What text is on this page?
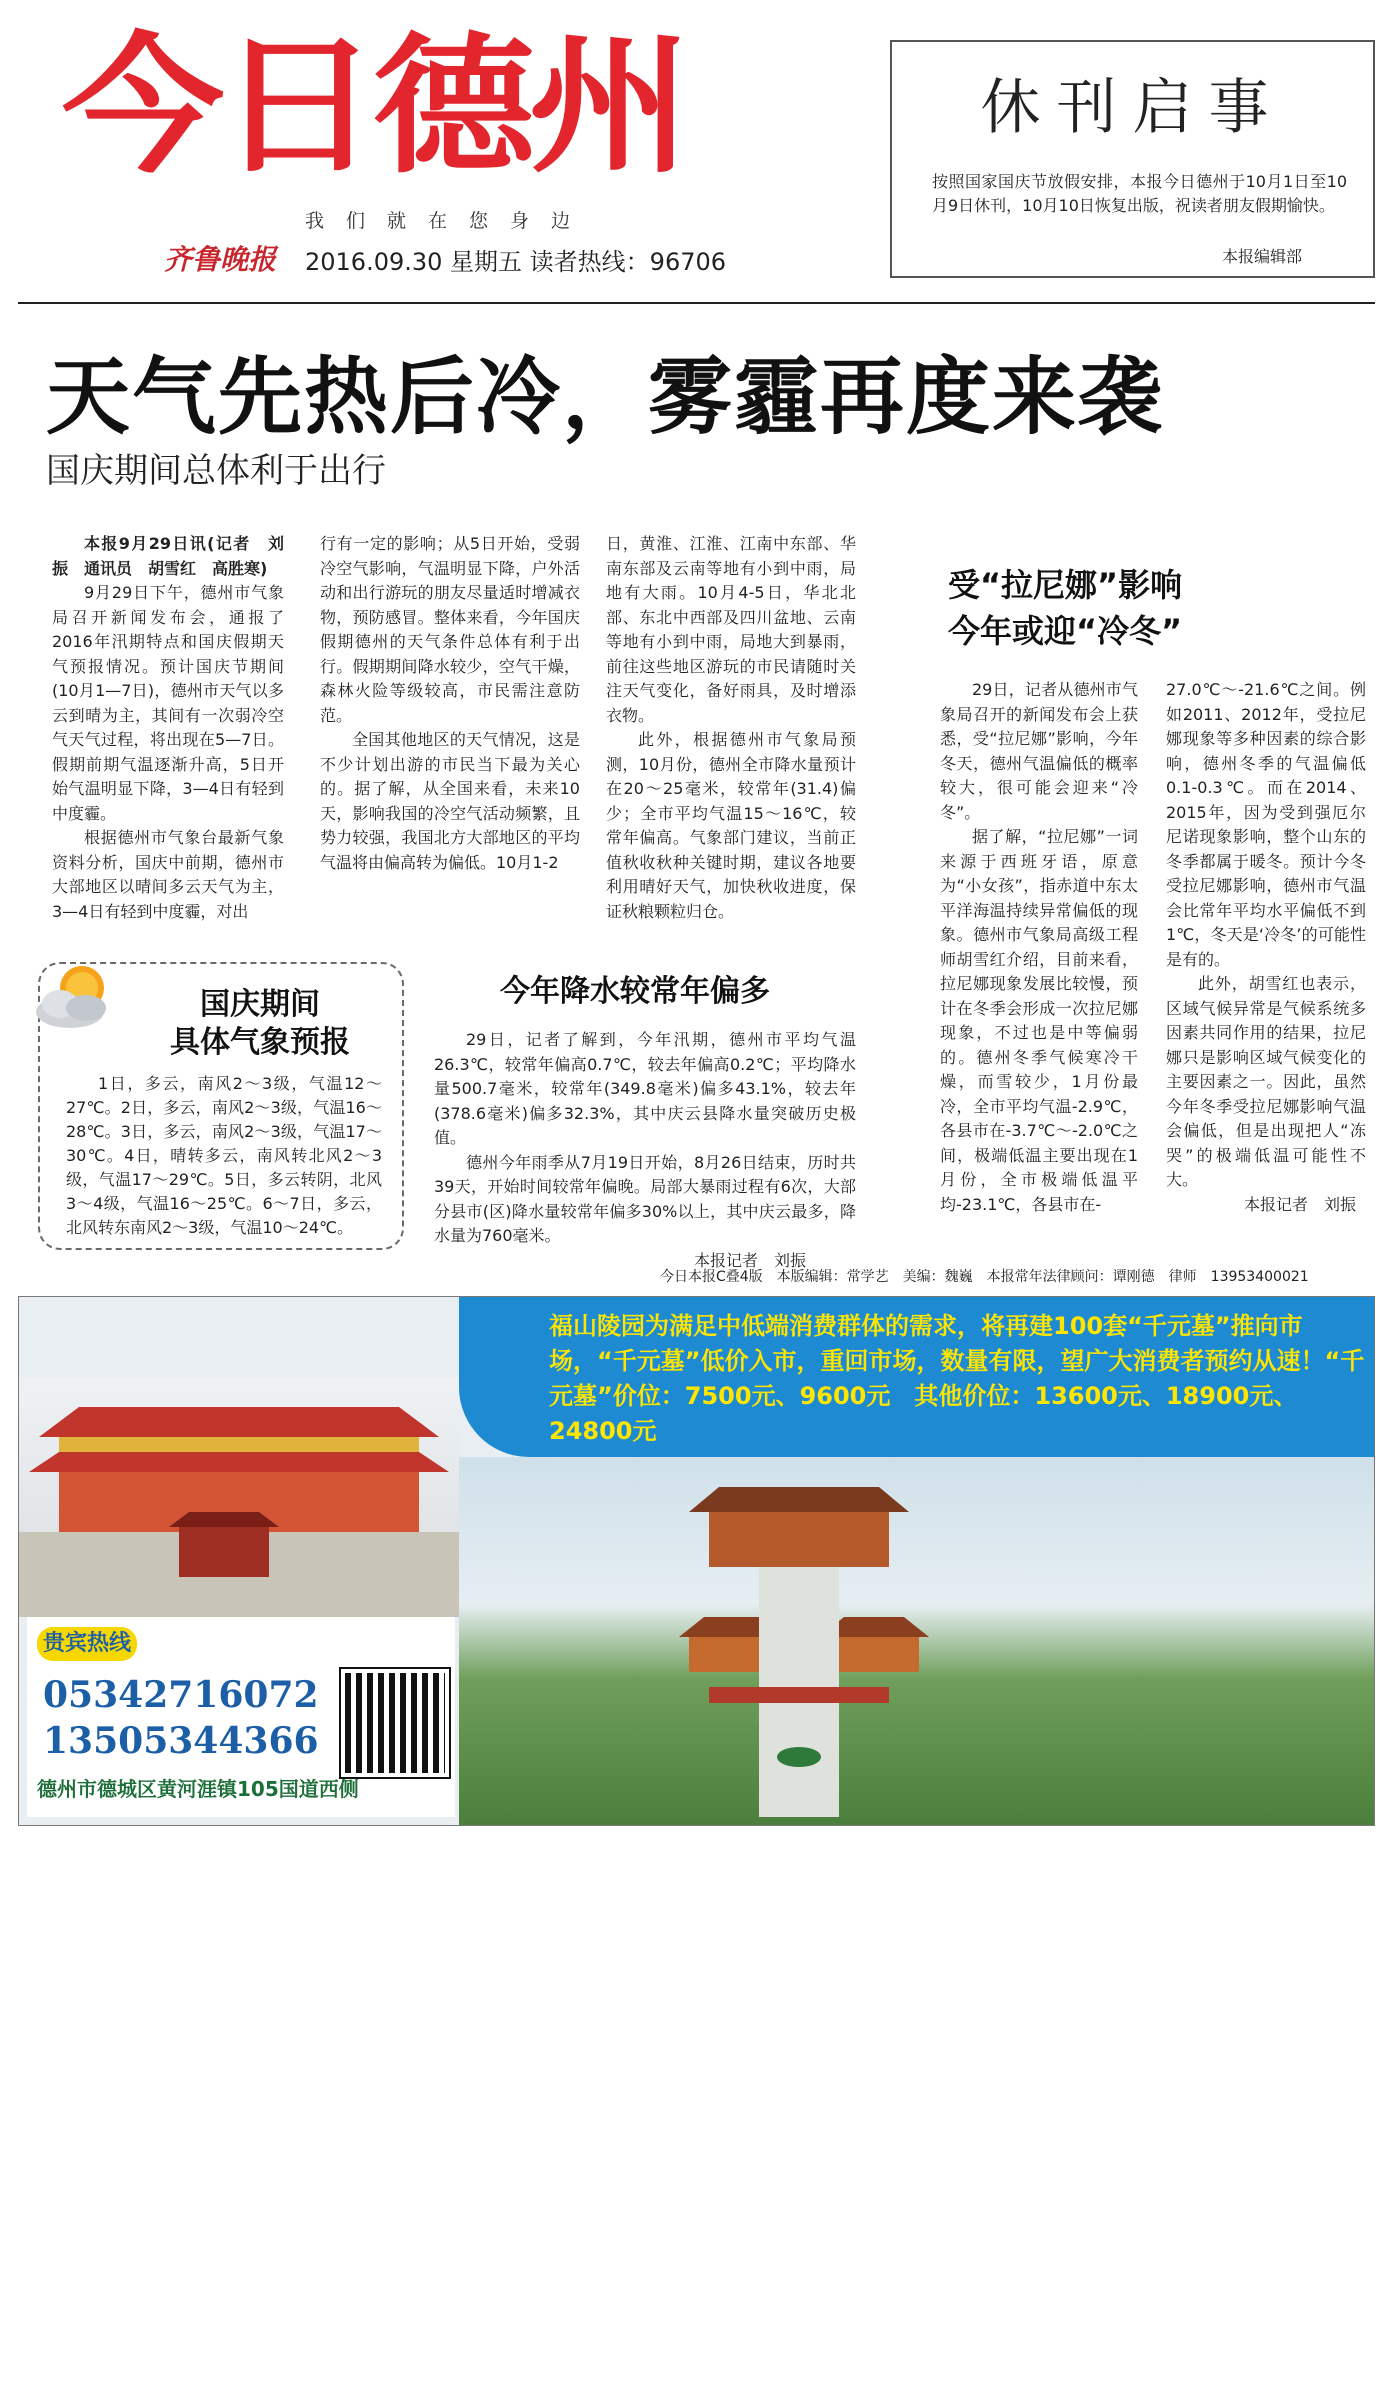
今日德州
我们就在您身边
齐鲁晚报 2016.09.30 星期五 读者热线：96706
休刊启事
按照国家国庆节放假安排，本报今日德州于10月1日至10月9日休刊，10月10日恢复出版，祝读者朋友假期愉快。
本报编辑部
天气先热后冷，雾霾再度来袭
国庆期间总体利于出行

本报9月29日讯(记者　刘振　通讯员　胡雪红　高胜寒)

9月29日下午，德州市气象局召开新闻发布会，通报了2016年汛期特点和国庆假期天气预报情况。预计国庆节期间(10月1—7日)，德州市天气以多云到晴为主，其间有一次弱冷空气天气过程，将出现在5—7日。假期前期气温逐渐升高，5日开始气温明显下降，3—4日有轻到中度霾。

根据德州市气象台最新气象资料分析，国庆中前期，德州市大部地区以晴间多云天气为主，3—4日有轻到中度霾，对出

行有一定的影响；从5日开始，受弱冷空气影响，气温明显下降，户外活动和出行游玩的朋友尽量适时增减衣物，预防感冒。整体来看，今年国庆假期德州的天气条件总体有利于出行。假期期间降水较少，空气干燥，森林火险等级较高，市民需注意防范。

全国其他地区的天气情况，这是不少计划出游的市民当下最为关心的。据了解，从全国来看，未来10天，影响我国的冷空气活动频繁，且势力较强，我国北方大部地区的平均气温将由偏高转为偏低。10月1-2

日，黄淮、江淮、江南中东部、华南东部及云南等地有小到中雨，局地有大雨。10月4-5日，华北北部、东北中西部及四川盆地、云南等地有小到中雨，局地大到暴雨，前往这些地区游玩的市民请随时关注天气变化，备好雨具，及时增添衣物。

此外，根据德州市气象局预测，10月份，德州全市降水量预计在20～25毫米，较常年(31.4)偏少；全市平均气温15～16℃，较常年偏高。气象部门建议，当前正值秋收秋种关键时期，建议各地要利用晴好天气，加快秋收进度，保证秋粮颗粒归仓。

国庆期间
具体气象预报
1日，多云，南风2～3级，气温12～27℃。2日，多云，南风2～3级，气温16～28℃。3日，多云，南风2～3级，气温17～30℃。4日，晴转多云，南风转北风2～3级，气温17～29℃。5日，多云转阴，北风3～4级，气温16～25℃。6～7日，多云，北风转东南风2～3级，气温10～24℃。
今年降水较常年偏多

29日，记者了解到，今年汛期，德州市平均气温26.3℃，较常年偏高0.7℃，较去年偏高0.2℃；平均降水量500.7毫米，较常年(349.8毫米)偏多43.1%，较去年(378.6毫米)偏多32.3%，其中庆云县降水量突破历史极值。

德州今年雨季从7月19日开始，8月26日结束，历时共39天，开始时间较常年偏晚。局部大暴雨过程有6次，大部分县市(区)降水量较常年偏多30%以上，其中庆云最多，降水量为760毫米。

本报记者　刘振

受“拉尼娜”影响
今年或迎“冷冬”

29日，记者从德州市气象局召开的新闻发布会上获悉，受“拉尼娜”影响，今年冬天，德州气温偏低的概率较大，很可能会迎来“冷冬”。

据了解，“拉尼娜”一词来源于西班牙语，原意为“小女孩”，指赤道中东太平洋海温持续异常偏低的现象。德州市气象局高级工程师胡雪红介绍，目前来看，拉尼娜现象发展比较慢，预计在冬季会形成一次拉尼娜现象，不过也是中等偏弱的。德州冬季气候寒冷干燥，而雪较少，1月份最冷，全市平均气温-2.9℃，各县市在-3.7℃～-2.0℃之间，极端低温主要出现在1月份，全市极端低温平均-23.1℃，各县市在-

27.0℃～-21.6℃之间。例如2011、2012年，受拉尼娜现象等多种因素的综合影响，德州冬季的气温偏低0.1-0.3℃。而在2014、2015年，因为受到强厄尔尼诺现象影响，整个山东的冬季都属于暖冬。预计今冬受拉尼娜影响，德州市气温会比常年平均水平偏低不到1℃，冬天是‘冷冬’的可能性是有的。

此外，胡雪红也表示，区域气候异常是气候系统多因素共同作用的结果，拉尼娜只是影响区域气候变化的主要因素之一。因此，虽然今年冬季受拉尼娜影响气温会偏低，但是出现把人“冻哭”的极端低温可能性不大。

本报记者　刘振

今日本报C叠4版　本版编辑：常学艺　美编：魏巍　本报常年法律顾问：谭刚德　律师　13953400021
福山陵园为满足中低端消费群体的需求，将再建100套“千元墓”推向市场，“千元墓”低价入市，重回市场，数量有限，望广大消费者预约从速！“千元墓”价位：7500元、9600元　其他价位：13600元、18900元、24800元
贵宾热线
05342716072
13505344366
德州市德城区黄河涯镇105国道西侧
